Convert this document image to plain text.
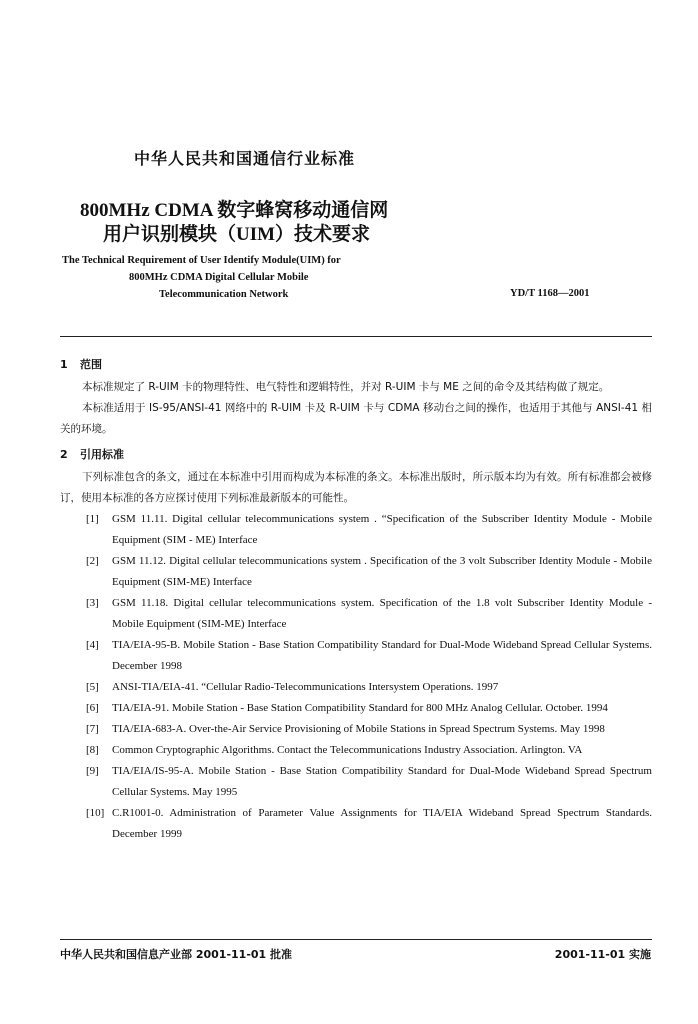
中华人民共和国通信行业标准
800MHz CDMA 数字蜂窝移动通信网
用户识别模块（UIM）技术要求
The Technical Requirement of User Identify Module(UIM) for
800MHz CDMA Digital Cellular Mobile
Telecommunication Network	YD/T 1168—2001
1 范围
本标准规定了 R-UIM 卡的物理特性、电气特性和逻辑特性，并对 R-UIM 卡与 ME 之间的命令及其结构做了规定。
本标准适用于 IS-95/ANSI-41 网络中的 R-UIM 卡及 R-UIM 卡与 CDMA 移动台之间的操作，也适用于其他与 ANSI-41 相关的环境。
2 引用标准
下列标准包含的条文，通过在本标准中引用而构成为本标准的条文。本标准出版时，所示版本均为有效。所有标准都会被修订，使用本标准的各方应探讨使用下列标准最新版本的可能性。
[1] GSM 11.11. Digital cellular telecommunications system . “Specification of the Subscriber Identity Module - Mobile Equipment (SIM - ME) Interface
[2] GSM 11.12. Digital cellular telecommunications system . Specification of the 3 volt Subscriber Identity Module - Mobile Equipment (SIM-ME) Interface
[3] GSM 11.18. Digital cellular telecommunications system. Specification of the 1.8 volt Subscriber Identity Module - Mobile Equipment (SIM-ME) Interface
[4] TIA/EIA-95-B. Mobile Station - Base Station Compatibility Standard for Dual-Mode Wideband Spread Cellular Systems. December 1998
[5] ANSI-TIA/EIA-41. “Cellular Radio-Telecommunications Intersystem Operations. 1997
[6] TIA/EIA-91. Mobile Station - Base Station Compatibility Standard for 800 MHz Analog Cellular. October. 1994
[7] TIA/EIA-683-A. Over-the-Air Service Provisioning of Mobile Stations in Spread Spectrum Systems. May 1998
[8] Common Cryptographic Algorithms. Contact the Telecommunications Industry Association. Arlington. VA
[9] TIA/EIA/IS-95-A. Mobile Station - Base Station Compatibility Standard for Dual-Mode Wideband Spread Spectrum Cellular Systems. May 1995
[10] C.R1001-0. Administration of Parameter Value Assignments for TIA/EIA Wideband Spread Spectrum Standards. December 1999
中华人民共和国信息产业部 2001-11-01 批准	2001-11-01 实施
